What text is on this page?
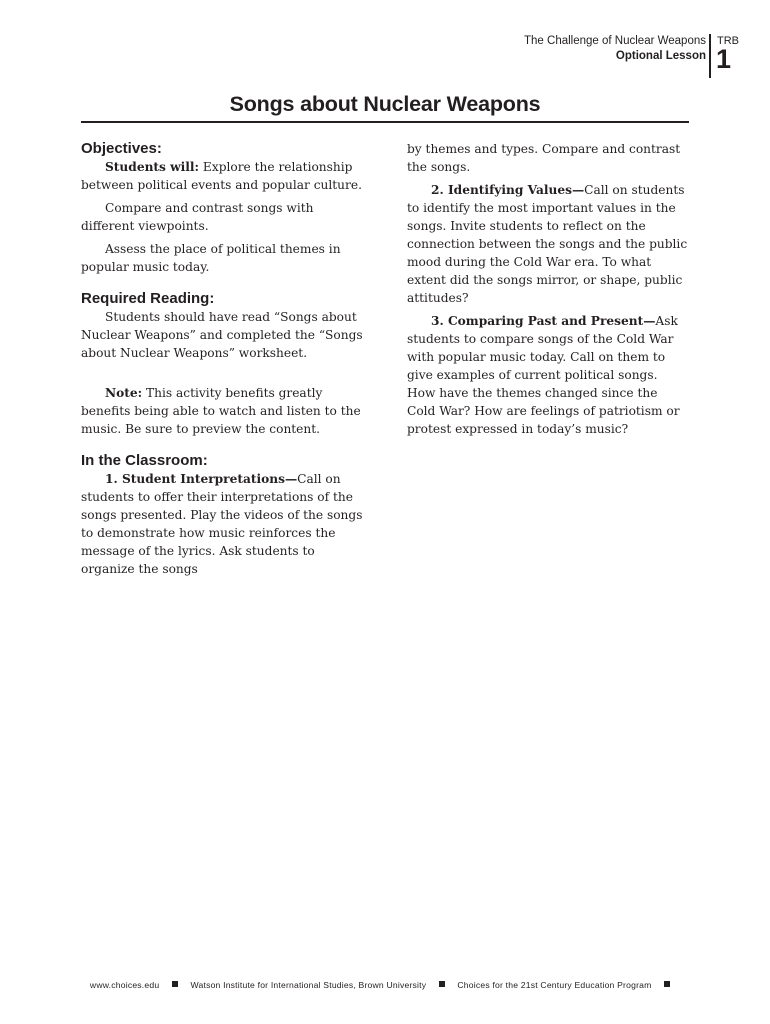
The Challenge of Nuclear Weapons
Optional Lesson
TRB
1
Songs about Nuclear Weapons
Objectives:

Students will: Explore the relationship between political events and popular culture.

Compare and contrast songs with different viewpoints.

Assess the place of political themes in popular music today.

Required Reading:

Students should have read “Songs about Nuclear Weapons” and completed the “Songs about Nuclear Weapons” worksheet.

Note: This activity benefits greatly benefits being able to watch and listen to the music. Be sure to preview the content.

In the Classroom:

1. Student Interpretations—Call on students to offer their interpretations of the songs presented. Play the videos of the songs to demonstrate how music reinforces the message of the lyrics. Ask students to organize the songs

by themes and types. Compare and contrast the songs.

2. Identifying Values—Call on students to identify the most important values in the songs. Invite students to reflect on the connection between the songs and the public mood during the Cold War era. To what extent did the songs mirror, or shape, public attitudes?

3. Comparing Past and Present—Ask students to compare songs of the Cold War with popular music today. Call on them to give examples of current political songs. How have the themes changed since the Cold War? How are feelings of patriotism or protest expressed in today’s music?

www.choices.edu	Watson Institute for International Studies, Brown University	Choices for the 21st Century Education Program
